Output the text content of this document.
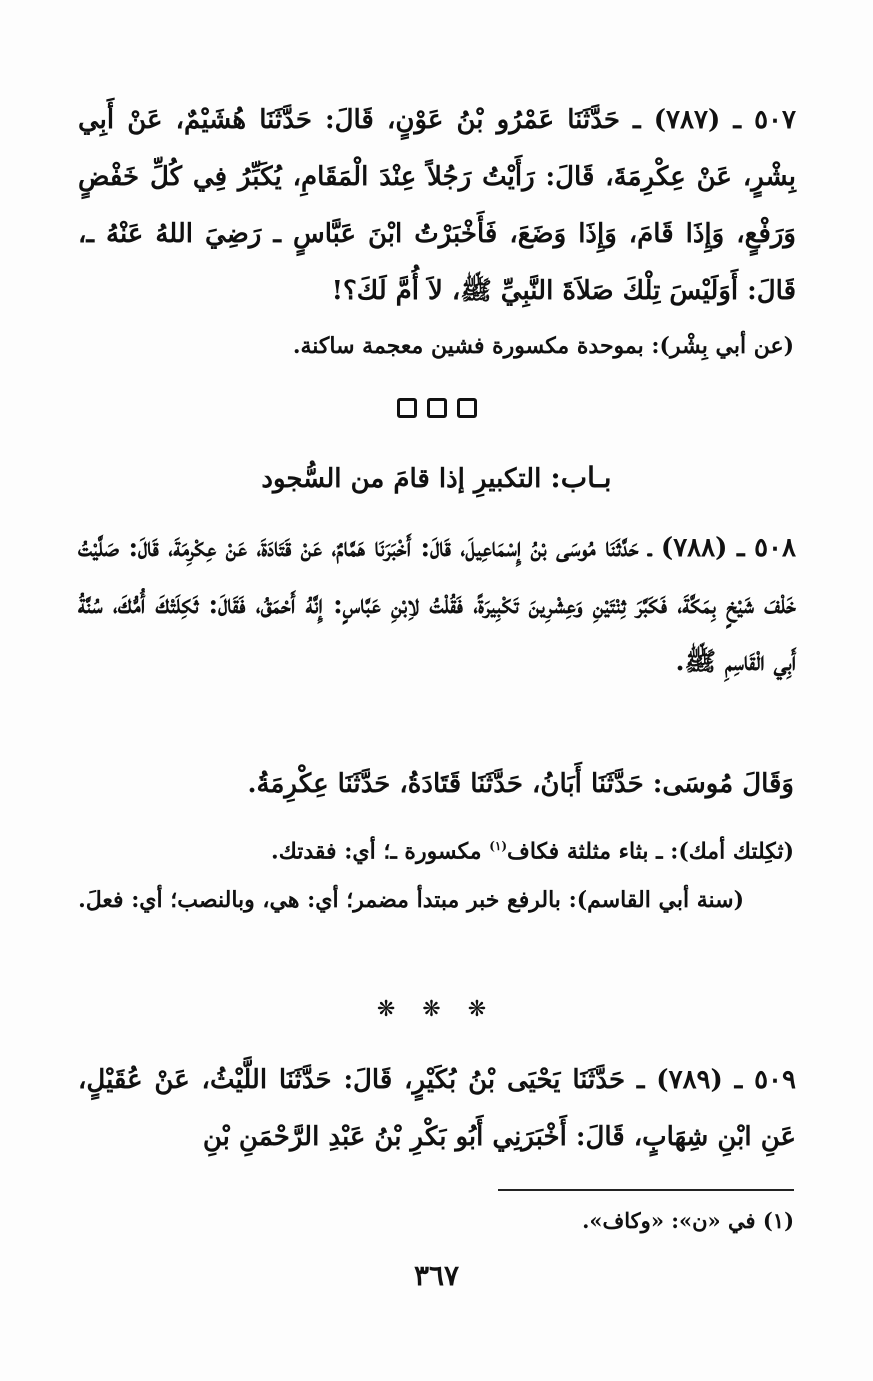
٥٠٧ ـ (٧٨٧) ـ حَدَّثَنَا عَمْرُو بْنُ عَوْنٍ، قَالَ: حَدَّثَنَا هُشَيْمٌ، عَنْ أَبِي بِشْرٍ، عَنْ عِكْرِمَةَ، قَالَ: رَأَيْتُ رَجُلاً عِنْدَ الْمَقَامِ، يُكَبِّرُ فِي كُلِّ خَفْضٍ وَرَفْعٍ، وَإِذَا قَامَ، وَإِذَا وَضَعَ، فَأَخْبَرْتُ ابْنَ عَبَّاسٍ ـ رَضِيَ اللهُ عَنْهُ ـ، قَالَ: أَوَلَيْسَ تِلْكَ صَلاَةَ النَّبِيِّ ﷺ، لاَ أُمَّ لَكَ؟!
(عن أبي بِشْر): بموحدة مكسورة فشين معجمة ساكنة.
بـاب: التكبيرِ إذا قامَ من السُّجود
٥٠٨ ـ (٧٨٨) ـ حَدَّثَنَا مُوسَى بْنُ إِسْمَاعِيلَ، قَالَ: أَخْبَرَنَا هَمَّامٌ، عَنْ قَتَادَةَ، عَنْ عِكْرِمَةَ، قَالَ: صَلَّيْتُ خَلْفَ شَيْخٍ بِمَكَّةَ، فَكَبَّرَ ثِنْتَيْنِ وَعِشْرِينَ تَكْبِيرَةً، فَقُلْتُ لاِبْنِ عَبَّاسٍ: إِنَّهُ أَحْمَقُ، فَقَالَ: ثَكِلَتْكَ أُمُّكَ، سُنَّةُ أَبِي الْقَاسِمِ ﷺ.
وَقَالَ مُوسَى: حَدَّثَنَا أَبَانُ، حَدَّثَنَا قَتَادَةُ، حَدَّثَنَا عِكْرِمَةُ.
(ثكِلتك أمك): ـ بثاء مثلثة فكاف$^{(١)}$ مكسورة ـ؛ أي: فقدتك.
(سنة أبي القاسم): بالرفع خبر مبتدأ مضمر؛ أي: هي، وبالنصب؛ أي: فعلَ.
❋ ❋ ❋
٥٠٩ ـ (٧٨٩) ـ حَدَّثَنَا يَحْيَى بْنُ بُكَيْرٍ، قَالَ: حَدَّثَنَا اللَّيْثُ، عَنْ عُقَيْلٍ، عَنِ ابْنِ شِهَابٍ، قَالَ: أَخْبَرَنِي أَبُو بَكْرِ بْنُ عَبْدِ الرَّحْمَنِ بْنِ
(١) في «ن»: «وكاف».
٣٦٧
